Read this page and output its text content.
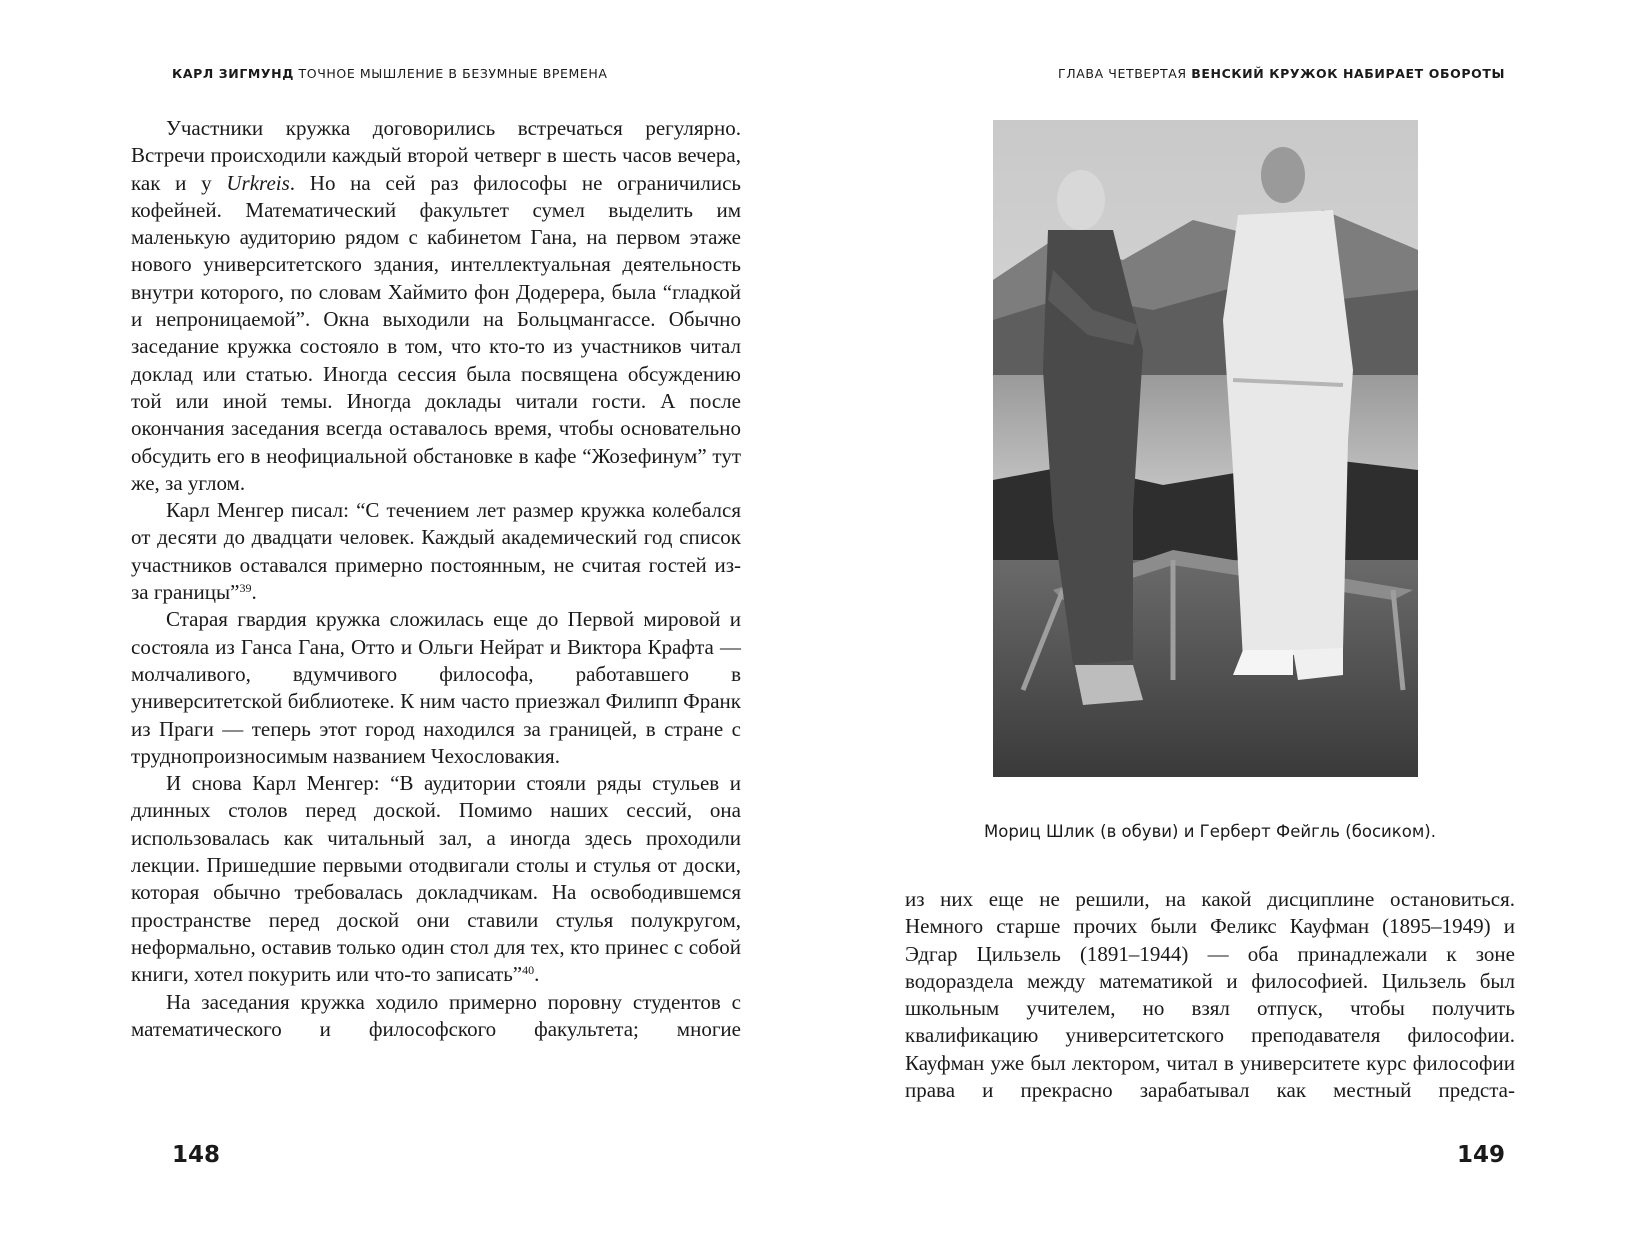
КАРЛ ЗИГМУНД ТОЧНОЕ МЫШЛЕНИЕ В БЕЗУМНЫЕ ВРЕМЕНА	ГЛАВА ЧЕТВЕРТАЯ ВЕНСКИЙ КРУЖОК НАБИРАЕТ ОБОРОТЫ

Участники кружка договорились встречаться регулярно. Встречи происходили каждый второй четверг в шесть часов вечера, как и у Urkreis. Но на сей раз философы не ограничились кофейней. Математический факультет сумел выделить им маленькую аудиторию рядом с кабинетом Гана, на первом этаже нового университетского здания, интеллектуальная деятельность внутри которого, по словам Хаймито фон Додерера, была “гладкой и непроницаемой”. Окна выходили на Больцмангассе. Обычно заседание кружка состояло в том, что кто-то из участников читал доклад или статью. Иногда сессия была посвящена обсуждению той или иной темы. Иногда доклады читали гости. А после окончания заседания всегда оставалось время, чтобы основательно обсудить его в неофициальной обстановке в кафе “Жозефинум” тут же, за углом.

Карл Менгер писал: “С течением лет размер кружка колебался от десяти до двадцати человек. Каждый академический год список участников оставался примерно постоянным, не считая гостей из-за границы”$^{39}$.

Старая гвардия кружка сложилась еще до Первой мировой и состояла из Ганса Гана, Отто и Ольги Нейрат и Виктора Крафта — молчаливого, вдумчивого философа, работавшего в университетской библиотеке. К ним часто приезжал Филипп Франк из Праги — теперь этот город находился за границей, в стране с труднопроизносимым названием Чехословакия.

И снова Карл Менгер: “В аудитории стояли ряды стульев и длинных столов перед доской. Помимо наших сессий, она использовалась как читальный зал, а иногда здесь проходили лекции. Пришедшие первыми отодвигали столы и стулья от доски, которая обычно требовалась докладчикам. На освободившемся пространстве перед доской они ставили стулья полукругом, неформально, оставив только один стол для тех, кто принес с собой книги, хотел покурить или что-то записать”$^{40}$.

На заседания кружка ходило примерно поровну студентов с математического и философского факультета; многие

Мориц Шлик (в обуви) и Герберт Фейгль (босиком).

из них еще не решили, на какой дисциплине остановиться. Немного старше прочих были Феликс Кауфман (1895–1949) и Эдгар Цильзель (1891–1944) — оба принадлежали к зоне водораздела между математикой и философией. Цильзель был школьным учителем, но взял отпуск, чтобы получить квалификацию университетского преподавателя философии. Кауфман уже был лектором, читал в университете курс философии права и прекрасно зарабатывал как местный предста-

148	149
